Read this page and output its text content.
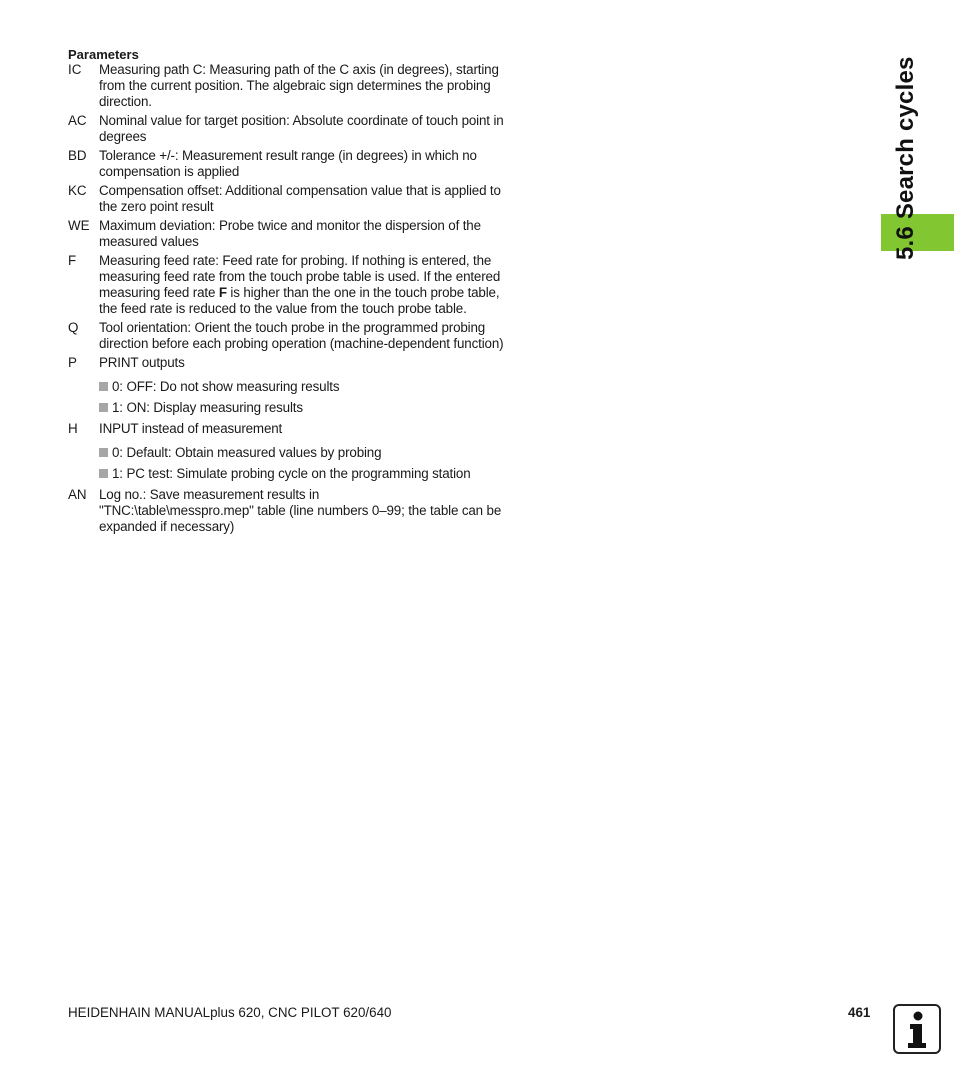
Parameters
IC Measuring path C: Measuring path of the C axis (in degrees), starting from the current position. The algebraic sign determines the probing direction.
AC Nominal value for target position: Absolute coordinate of touch point in degrees
BD Tolerance +/-: Measurement result range (in degrees) in which no compensation is applied
KC Compensation offset: Additional compensation value that is applied to the zero point result
WE Maximum deviation: Probe twice and monitor the dispersion of the measured values
F Measuring feed rate: Feed rate for probing. If nothing is entered, the measuring feed rate from the touch probe table is used. If the entered measuring feed rate F is higher than the one in the touch probe table, the feed rate is reduced to the value from the touch probe table.
Q Tool orientation: Orient the touch probe in the programmed probing direction before each probing operation (machine-dependent function)
P PRINT outputs
0: OFF: Do not show measuring results
1: ON: Display measuring results
H INPUT instead of measurement
0: Default: Obtain measured values by probing
1: PC test: Simulate probing cycle on the programming station
AN Log no.: Save measurement results in
"TNC:\table\messpro.mep" table (line numbers 0–99; the table can be expanded if necessary)
5.6 Search cycles
HEIDENHAIN MANUALplus 620, CNC PILOT 620/640	461
